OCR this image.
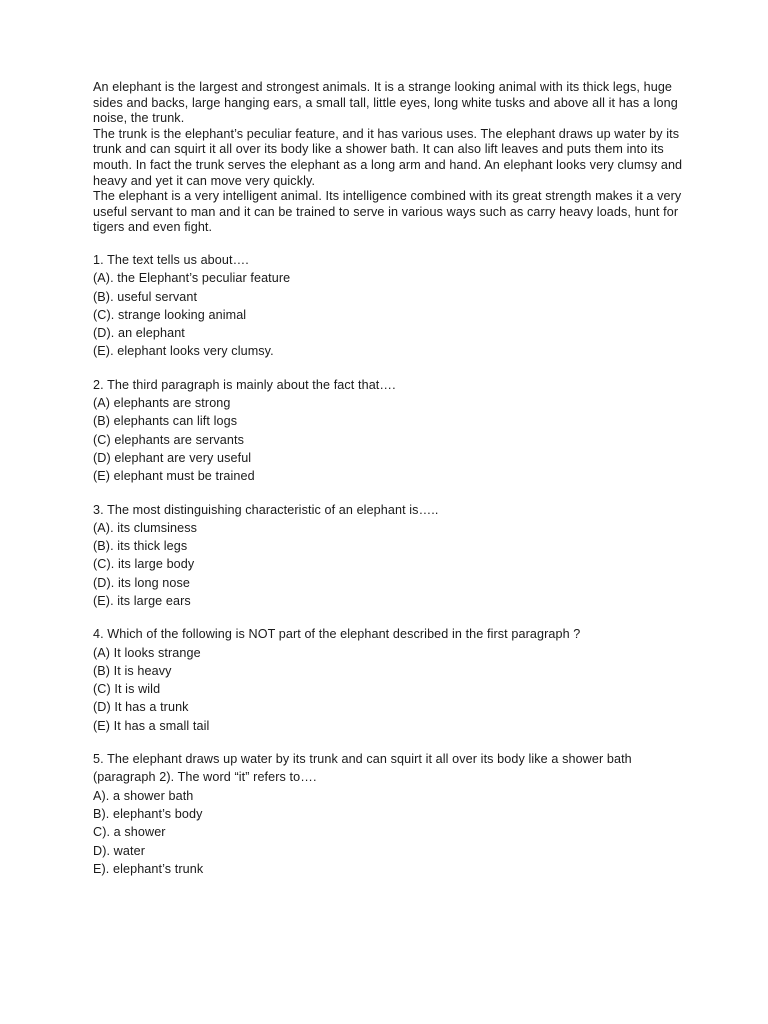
An elephant is the largest and strongest animals. It is a strange looking animal with its thick legs, huge sides and backs, large hanging ears, a small tall, little eyes, long white tusks and above all it has a long noise, the trunk.

The trunk is the elephant’s peculiar feature, and it has various uses. The elephant draws up water by its trunk and can squirt it all over its body like a shower bath. It can also lift leaves and puts them into its mouth. In fact the trunk serves the elephant as a long arm and hand. An elephant looks very clumsy and heavy and yet it can move very quickly.

The elephant is a very intelligent animal. Its intelligence combined with its great strength makes it a very useful servant to man and it can be trained to serve in various ways such as carry heavy loads, hunt for tigers and even fight.

1. The text tells us about….
(A). the Elephant’s peculiar feature
(B). useful servant
(C). strange looking animal
(D). an elephant
(E). elephant looks very clumsy.
2. The third paragraph is mainly about the fact that….
(A) elephants are strong
(B) elephants can lift logs
(C) elephants are servants
(D) elephant are very useful
(E) elephant must be trained
3. The most distinguishing characteristic of an elephant is…..
(A). its clumsiness
(B). its thick legs
(C). its large body
(D). its long nose
(E). its large ears
4. Which of the following is NOT part of the elephant described in the first paragraph ?
(A) It looks strange
(B) It is heavy
(C) It is wild
(D) It has a trunk
(E) It has a small tail
5. The elephant draws up water by its trunk and can squirt it all over its body like a shower bath (paragraph 2). The word “it” refers to….
A). a shower bath
B). elephant’s body
C). a shower
D). water
E). elephant’s trunk
